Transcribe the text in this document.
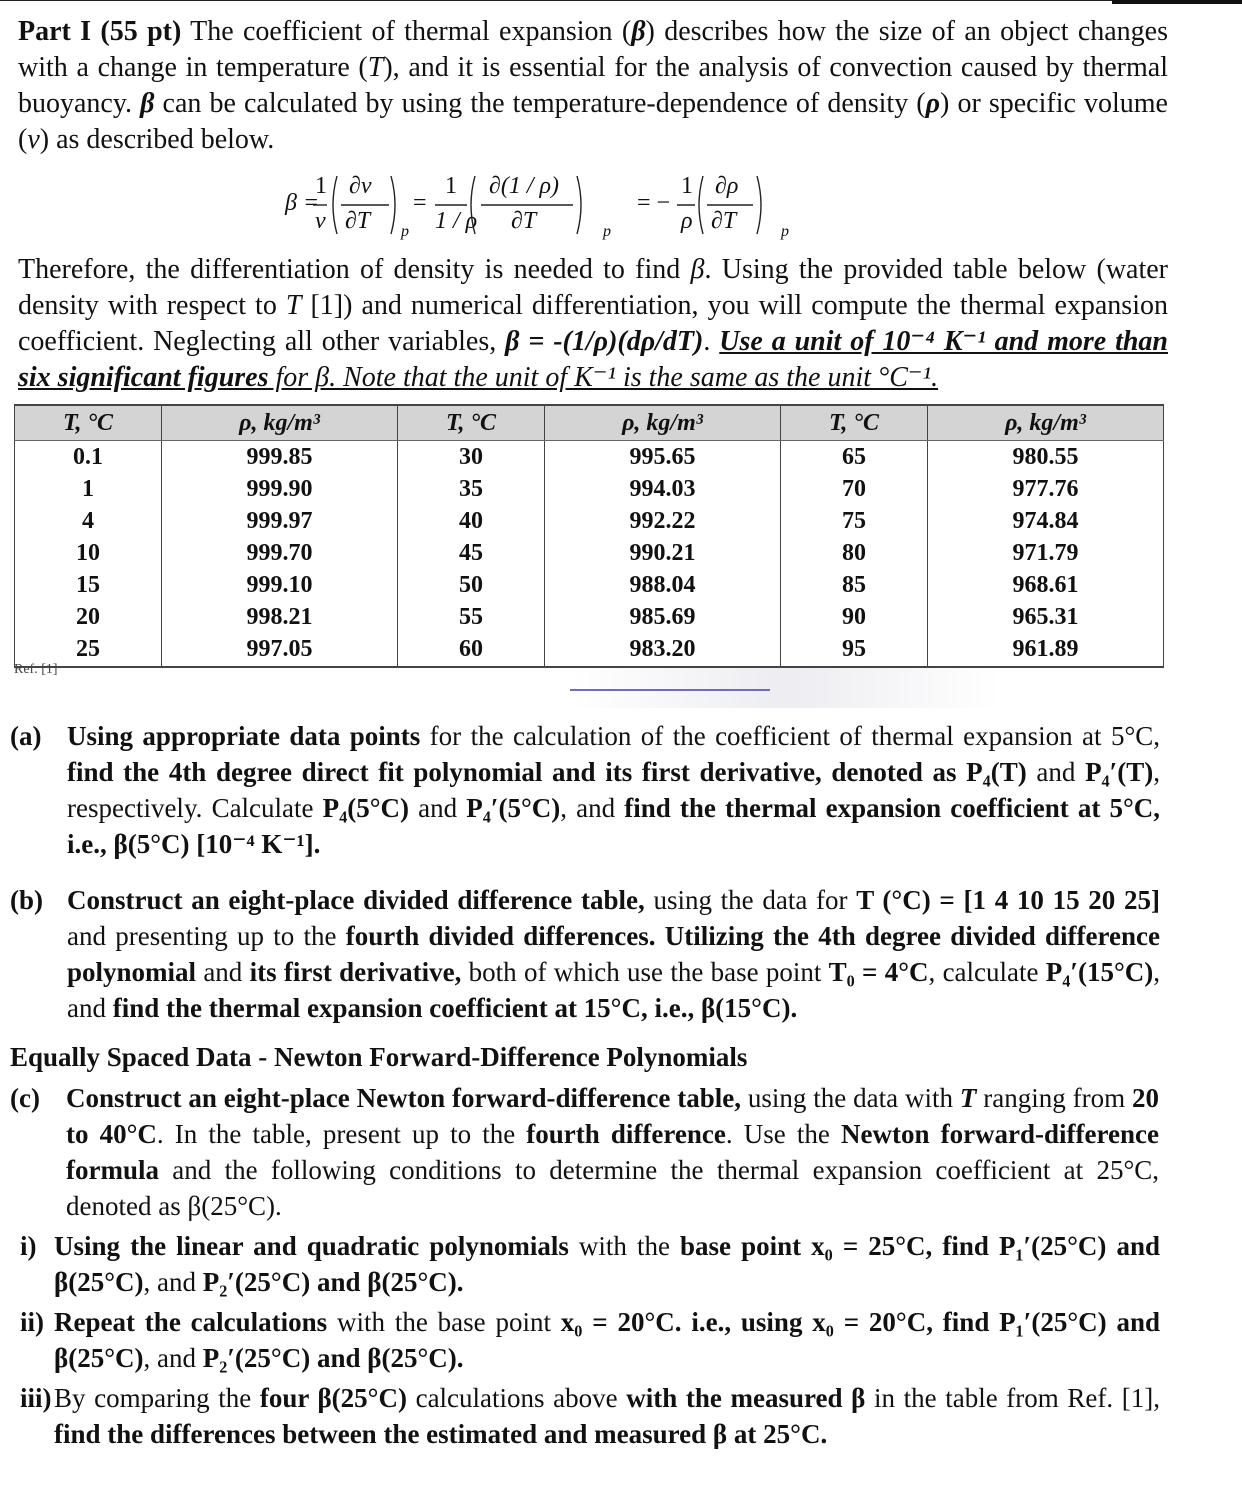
Part I (55 pt) The coefficient of thermal expansion (β) describes how the size of an object changes with a change in temperature (T), and it is essential for the analysis of convection caused by thermal buoyancy. β can be calculated by using the temperature-dependence of density (ρ) or specific volume (v) as described below.
β =
1
v
∂v
∂T p
=
1
1 / ρ
∂(1 / ρ)
∂T	p
= −
1
ρ
∂ρ
∂T	p
Therefore, the differentiation of density is needed to find β. Using the provided table below (water density with respect to T [1]) and numerical differentiation, you will compute the thermal expansion coefficient. Neglecting all other variables, β = -(1/ρ)(dρ/dT). Use a unit of 10⁻⁴ K⁻¹ and more than six significant figures for β. Note that the unit of K⁻¹ is the same as the unit °C⁻¹.
T, °C	ρ, kg/m³	T, °C	ρ, kg/m³	T, °C	ρ, kg/m³
0.1	999.85	30	995.65	65	980.55
1	999.90	35	994.03	70	977.76
4	999.97	40	992.22	75	974.84
10	999.70	45	990.21	80	971.79
15	999.10	50	988.04	85	968.61
20	998.21	55	985.69	90	965.31
25	997.05	60	983.20	95	961.89
Ref. [1]
(a) Using appropriate data points for the calculation of the coefficient of thermal expansion at 5°C, find the 4th degree direct fit polynomial and its first derivative, denoted as P₄(T) and P₄′(T), respectively. Calculate P₄(5°C) and P₄′(5°C), and find the thermal expansion coefficient at 5°C, i.e., β(5°C) [10⁻⁴ K⁻¹].
(b) Construct an eight-place divided difference table, using the data for T (°C) = [1 4 10 15 20 25] and presenting up to the fourth divided differences. Utilizing the 4th degree divided difference polynomial and its first derivative, both of which use the base point T₀ = 4°C, calculate P₄′(15°C), and find the thermal expansion coefficient at 15°C, i.e., β(15°C).
Equally Spaced Data - Newton Forward-Difference Polynomials
(c) Construct an eight-place Newton forward-difference table, using the data with T ranging from 20 to 40°C. In the table, present up to the fourth difference. Use the Newton forward-difference formula and the following conditions to determine the thermal expansion coefficient at 25°C, denoted as β(25°C).
i) Using the linear and quadratic polynomials with the base point x₀ = 25°C, find P₁′(25°C) and β(25°C), and P₂′(25°C) and β(25°C).
ii) Repeat the calculations with the base point x₀ = 20°C. i.e., using x₀ = 20°C, find P₁′(25°C) and β(25°C), and P₂′(25°C) and β(25°C).
iii) By comparing the four β(25°C) calculations above with the measured β in the table from Ref. [1], find the differences between the estimated and measured β at 25°C.
